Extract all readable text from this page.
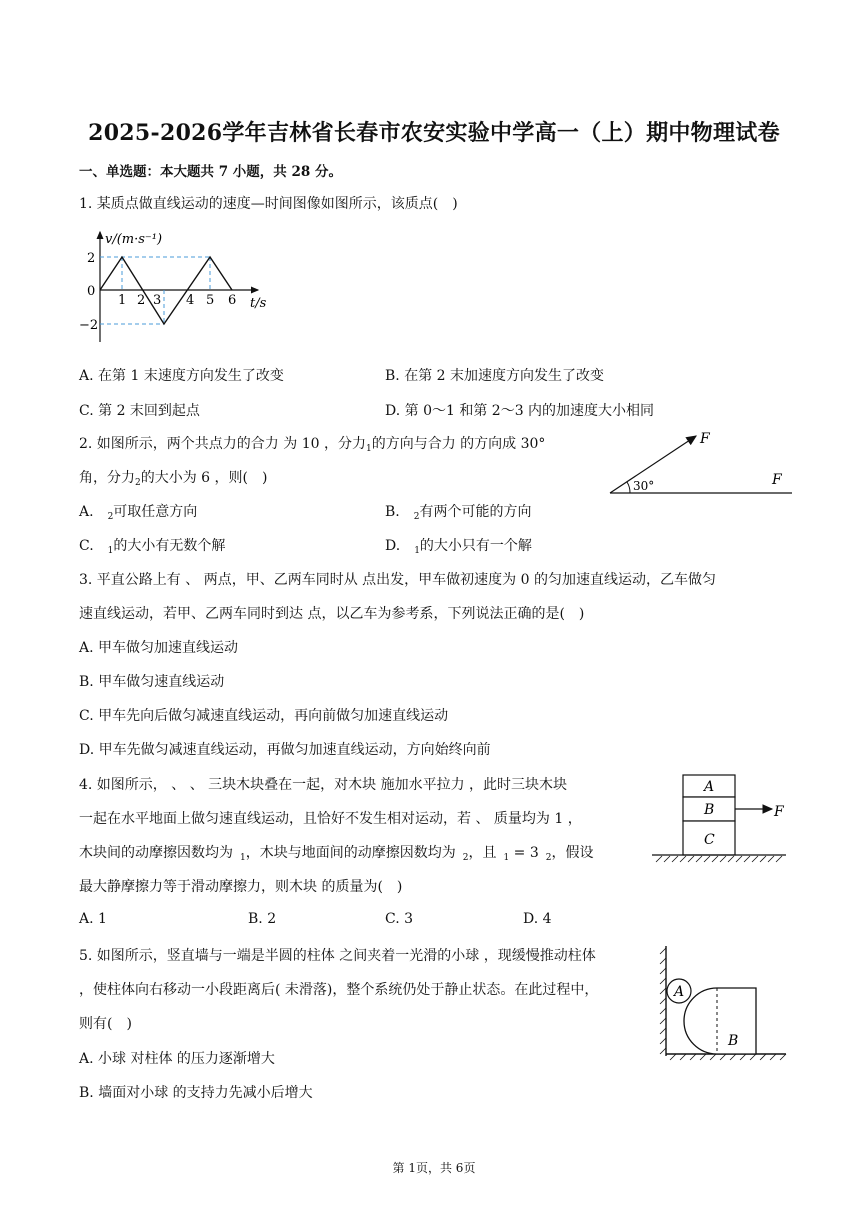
2025-2026学年吉林省长春市农安实验中学高一（上）期中物理试卷
一、单选题：本大题共 7 小题，共 28 分。
1. 某质点做直线运动的速度—时间图像如图所示，该质点(　)
v/(m·s⁻¹)
2
0
−2
1 2 3 4 5 6 t/s
A. 在第 1 末速度方向发生了改变	B. 在第 2 末加速度方向发生了改变
C. 第 2 末回到起点	D. 第 0～1 和第 2～3 内的加速度大小相同
2. 如图所示，两个共点力的合力 为 10 ，分力$_1$的方向与合力 的方向成 30°
角，分力$_2$的大小为 6 ，则(　)
F
30°	F
A.   $_2$可取任意方向	B.   $_2$有两个可能的方向
C.   $_1$的大小有无数个解	D.   $_1$的大小只有一个解
3. 平直公路上有 、 两点，甲、乙两车同时从 点出发，甲车做初速度为 0 的匀加速直线运动，乙车做匀
速直线运动，若甲、乙两车同时到达 点，以乙车为参考系，下列说法正确的是(　)
A. 甲车做匀加速直线运动
B. 甲车做匀速直线运动
C. 甲车先向后做匀减速直线运动，再向前做匀加速直线运动
D. 甲车先做匀减速直线运动，再做匀加速直线运动，方向始终向前
4. 如图所示， 、 、 三块木块叠在一起，对木块 施加水平拉力 ，此时三块木块
一起在水平地面上做匀速直线运动，且恰好不发生相对运动，若 、 质量均为 1 ，
木块间的动摩擦因数均为  $_1$，木块与地面间的动摩擦因数均为  $_2$，且  $_1$ = 3  $_2$，假设
最大静摩擦力等于滑动摩擦力，则木块 的质量为(　)
A
B
C
F
A. 1	B. 2	C. 3	D. 4
5. 如图所示，竖直墙与一端是半圆的柱体 之间夹着一光滑的小球 ，现缓慢推动柱体
，使柱体向右移动一小段距离后( 未滑落)，整个系统仍处于静止状态。在此过程中，
则有(　)
A
B
A. 小球 对柱体 的压力逐渐增大
B. 墙面对小球 的支持力先减小后增大
第 1页，共 6页
